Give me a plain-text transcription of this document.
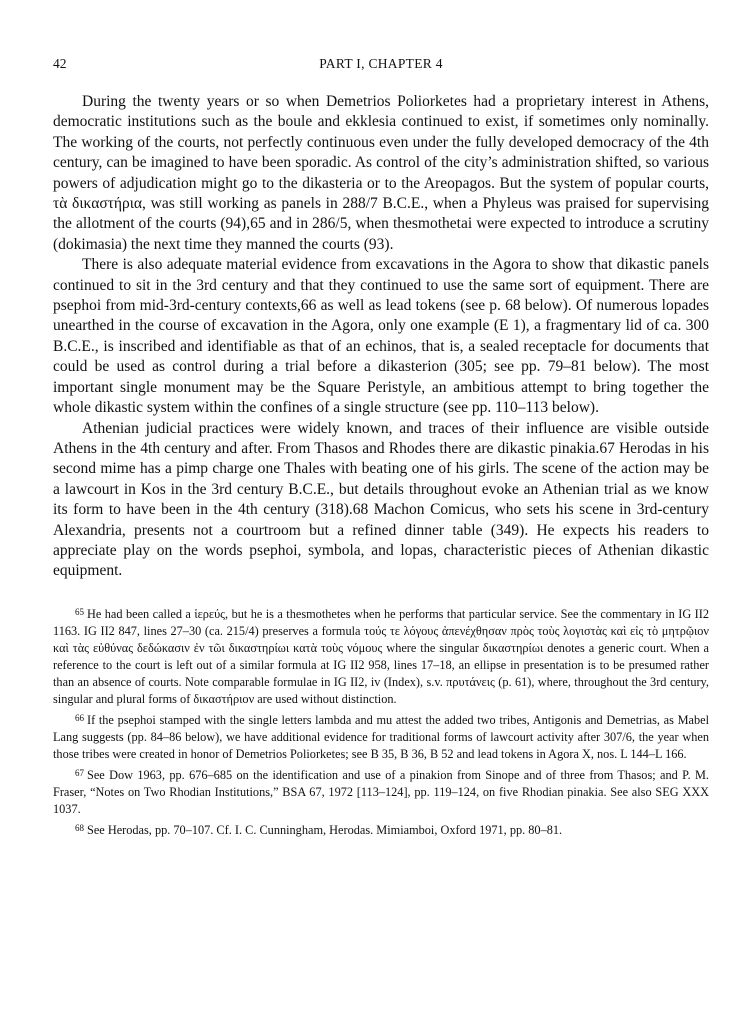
42	PART I, CHAPTER 4

During the twenty years or so when Demetrios Poliorketes had a proprietary interest in Athens, democratic institutions such as the boule and ekklesia continued to exist, if sometimes only nominally. The working of the courts, not perfectly continuous even under the fully developed democracy of the 4th century, can be imagined to have been sporadic. As control of the city’s administration shifted, so various powers of adjudication might go to the dikasteria or to the Areopagos. But the system of popular courts, τὰ δικαστήρια, was still working as panels in 288/7 B.C.E., when a Phyleus was praised for supervising the allotment of the courts (94),65 and in 286/5, when thesmothetai were expected to introduce a scrutiny (dokimasia) the next time they manned the courts (93).

There is also adequate material evidence from excavations in the Agora to show that dikastic panels continued to sit in the 3rd century and that they continued to use the same sort of equipment. There are psephoi from mid-3rd-century contexts,66 as well as lead tokens (see p. 68 below). Of numerous lopades unearthed in the course of excavation in the Agora, only one example (E 1), a fragmentary lid of ca. 300 B.C.E., is inscribed and identifiable as that of an echinos, that is, a sealed receptacle for documents that could be used as control during a trial before a dikasterion (305; see pp. 79–81 below). The most important single monument may be the Square Peristyle, an ambitious attempt to bring together the whole dikastic system within the confines of a single structure (see pp. 110–113 below).

Athenian judicial practices were widely known, and traces of their influence are visible outside Athens in the 4th century and after. From Thasos and Rhodes there are dikastic pinakia.67 Herodas in his second mime has a pimp charge one Thales with beating one of his girls. The scene of the action may be a lawcourt in Kos in the 3rd century B.C.E., but details throughout evoke an Athenian trial as we know its form to have been in the 4th century (318).68 Machon Comicus, who sets his scene in 3rd-century Alexandria, presents not a courtroom but a refined dinner table (349). He expects his readers to appreciate play on the words psephoi, symbola, and lopas, characteristic pieces of Athenian dikastic equipment.

$^{65}$ He had been called a ἱερεύς, but he is a thesmothetes when he performs that particular service. See the commentary in IG II2 1163. IG II2 847, lines 27–30 (ca. 215/4) preserves a formula τούς τε λόγους ἀπενέχθησαν πρὸς τοὺς λογιστὰς καὶ εἰς τὸ μητρῷιον καὶ τὰς εὐθύνας δεδώκασιν ἐν τῶι δικαστηρίωι κατὰ τοὺς νόμους where the singular δικαστηρίωι denotes a generic court. When a reference to the court is left out of a similar formula at IG II2 958, lines 17–18, an ellipse in presentation is to be presumed rather than an absence of courts. Note comparable formulae in IG II2, iv (Index), s.v. πρυτάνεις (p. 61), where, throughout the 3rd century, singular and plural forms of δικαστήριον are used without distinction.
$^{66}$ If the psephoi stamped with the single letters lambda and mu attest the added two tribes, Antigonis and Demetrias, as Mabel Lang suggests (pp. 84–86 below), we have additional evidence for traditional forms of lawcourt activity after 307/6, the year when those tribes were created in honor of Demetrios Poliorketes; see B 35, B 36, B 52 and lead tokens in Agora X, nos. L 144–L 166.
$^{67}$ See Dow 1963, pp. 676–685 on the identification and use of a pinakion from Sinope and of three from Thasos; and P. M. Fraser, “Notes on Two Rhodian Institutions,” BSA 67, 1972 [113–124], pp. 119–124, on five Rhodian pinakia. See also SEG XXX 1037.
$^{68}$ See Herodas, pp. 70–107. Cf. I. C. Cunningham, Herodas. Mimiamboi, Oxford 1971, pp. 80–81.
